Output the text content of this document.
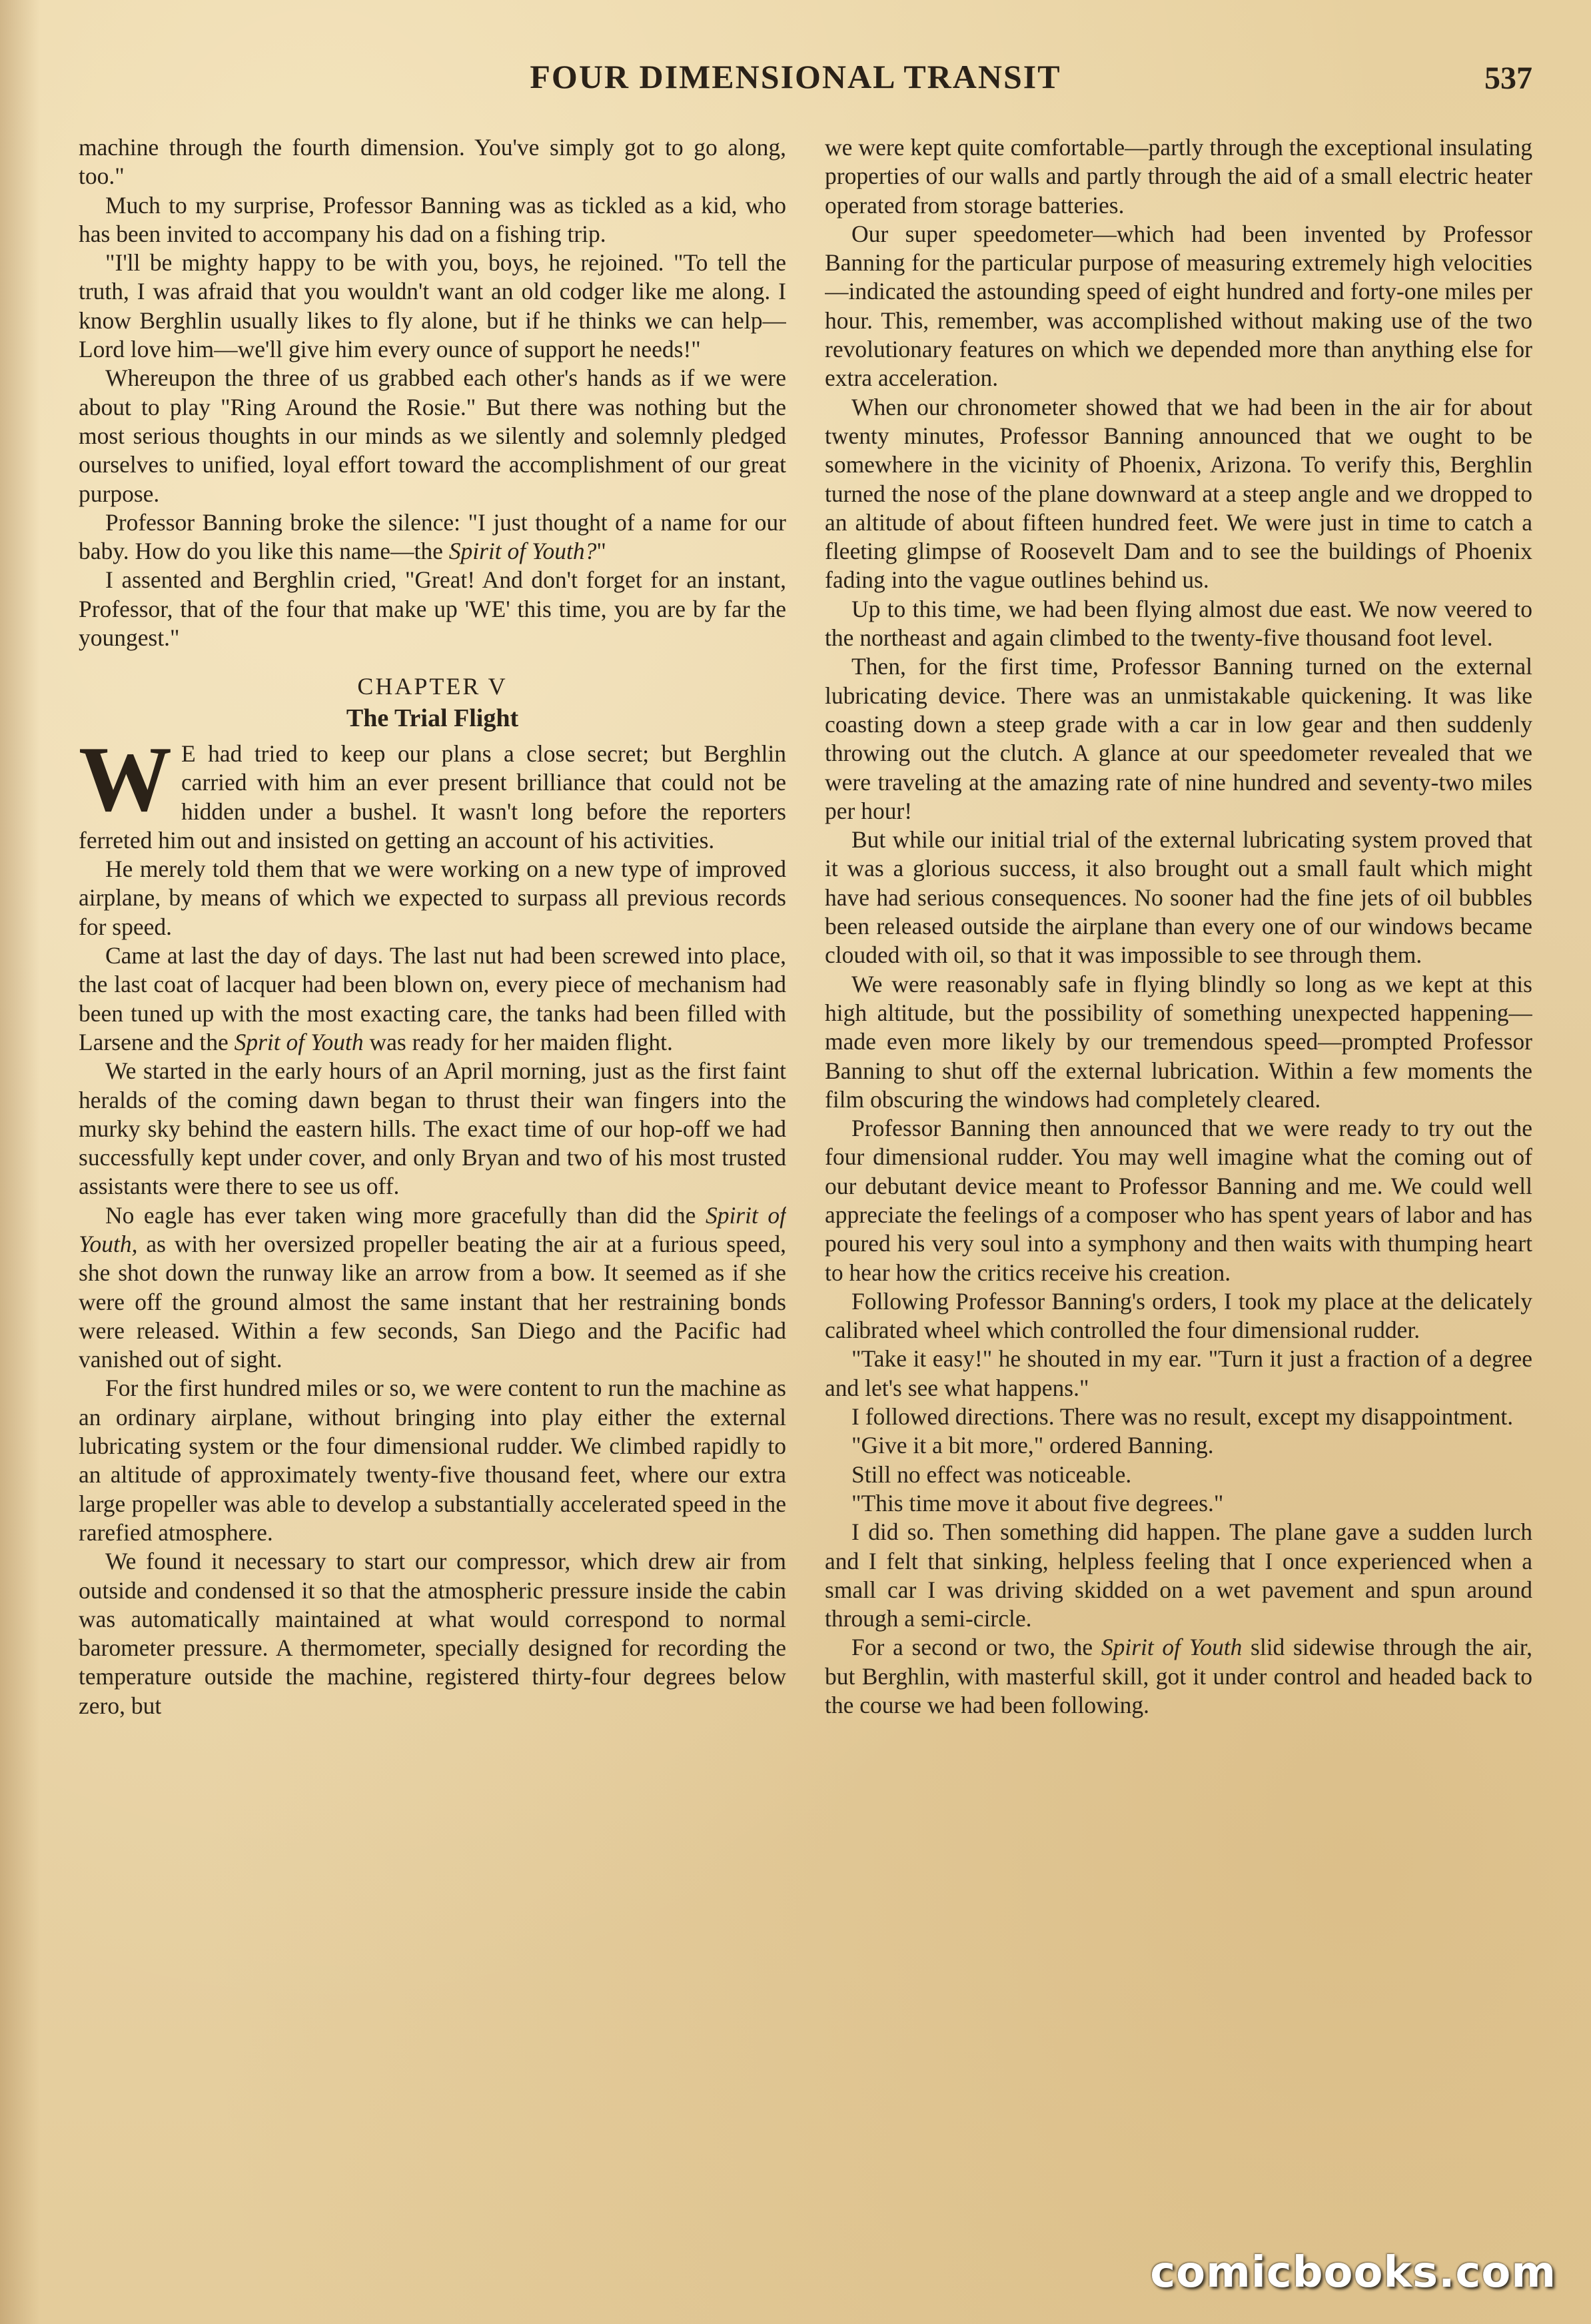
FOUR DIMENSIONAL TRANSIT	537

machine through the fourth dimension. You've simply got to go along, too."

Much to my surprise, Professor Banning was as tickled as a kid, who has been invited to accompany his dad on a fishing trip.

"I'll be mighty happy to be with you, boys, he rejoined. "To tell the truth, I was afraid that you wouldn't want an old codger like me along. I know Berghlin usually likes to fly alone, but if he thinks we can help—Lord love him—we'll give him every ounce of support he needs!"

Whereupon the three of us grabbed each other's hands as if we were about to play "Ring Around the Rosie." But there was nothing but the most serious thoughts in our minds as we silently and solemnly pledged ourselves to unified, loyal effort toward the accomplishment of our great purpose.

Professor Banning broke the silence: "I just thought of a name for our baby. How do you like this name—the Spirit of Youth?"

I assented and Berghlin cried, "Great! And don't forget for an instant, Professor, that of the four that make up 'WE' this time, you are by far the youngest."

CHAPTER V
The Trial Flight

W E had tried to keep our plans a close secret; but Berghlin carried with him an ever present brilliance that could not be hidden under a bushel. It wasn't long before the reporters ferreted him out and insisted on getting an account of his activities.

He merely told them that we were working on a new type of improved airplane, by means of which we expected to surpass all previous records for speed.

Came at last the day of days. The last nut had been screwed into place, the last coat of lacquer had been blown on, every piece of mechanism had been tuned up with the most exacting care, the tanks had been filled with Larsene and the Sprit of Youth was ready for her maiden flight.

We started in the early hours of an April morning, just as the first faint heralds of the coming dawn began to thrust their wan fingers into the murky sky behind the eastern hills. The exact time of our hop-off we had successfully kept under cover, and only Bryan and two of his most trusted assistants were there to see us off.

No eagle has ever taken wing more gracefully than did the Spirit of Youth, as with her oversized propeller beating the air at a furious speed, she shot down the runway like an arrow from a bow. It seemed as if she were off the ground almost the same instant that her restraining bonds were released. Within a few seconds, San Diego and the Pacific had vanished out of sight.

For the first hundred miles or so, we were content to run the machine as an ordinary airplane, without bringing into play either the external lubricating system or the four dimensional rudder. We climbed rapidly to an altitude of approximately twenty-five thousand feet, where our extra large propeller was able to develop a substantially accelerated speed in the rarefied atmosphere.

We found it necessary to start our compressor, which drew air from outside and condensed it so that the atmospheric pressure inside the cabin was automatically maintained at what would correspond to normal barometer pressure. A thermometer, specially designed for recording the temperature outside the machine, registered thirty-four degrees below zero, but

we were kept quite comfortable—partly through the exceptional insulating properties of our walls and partly through the aid of a small electric heater operated from storage batteries.

Our super speedometer—which had been invented by Professor Banning for the particular purpose of measuring extremely high velocities—indicated the astounding speed of eight hundred and forty-one miles per hour. This, remember, was accomplished without making use of the two revolutionary features on which we depended more than anything else for extra acceleration.

When our chronometer showed that we had been in the air for about twenty minutes, Professor Banning announced that we ought to be somewhere in the vicinity of Phoenix, Arizona. To verify this, Berghlin turned the nose of the plane downward at a steep angle and we dropped to an altitude of about fifteen hundred feet. We were just in time to catch a fleeting glimpse of Roosevelt Dam and to see the buildings of Phoenix fading into the vague outlines behind us.

Up to this time, we had been flying almost due east. We now veered to the northeast and again climbed to the twenty-five thousand foot level.

Then, for the first time, Professor Banning turned on the external lubricating device. There was an unmistakable quickening. It was like coasting down a steep grade with a car in low gear and then suddenly throwing out the clutch. A glance at our speedometer revealed that we were traveling at the amazing rate of nine hundred and seventy-two miles per hour!

But while our initial trial of the external lubricating system proved that it was a glorious success, it also brought out a small fault which might have had serious consequences. No sooner had the fine jets of oil bubbles been released outside the airplane than every one of our windows became clouded with oil, so that it was impossible to see through them.

We were reasonably safe in flying blindly so long as we kept at this high altitude, but the possibility of something unexpected happening—made even more likely by our tremendous speed—prompted Professor Banning to shut off the external lubrication. Within a few moments the film obscuring the windows had completely cleared.

Professor Banning then announced that we were ready to try out the four dimensional rudder. You may well imagine what the coming out of our debutant device meant to Professor Banning and me. We could well appreciate the feelings of a composer who has spent years of labor and has poured his very soul into a symphony and then waits with thumping heart to hear how the critics receive his creation.

Following Professor Banning's orders, I took my place at the delicately calibrated wheel which controlled the four dimensional rudder.

"Take it easy!" he shouted in my ear. "Turn it just a fraction of a degree and let's see what happens."

I followed directions. There was no result, except my disappointment.

"Give it a bit more," ordered Banning.

Still no effect was noticeable.

"This time move it about five degrees."

I did so. Then something did happen. The plane gave a sudden lurch and I felt that sinking, helpless feeling that I once experienced when a small car I was driving skidded on a wet pavement and spun around through a semi-circle.

For a second or two, the Spirit of Youth slid sidewise through the air, but Berghlin, with masterful skill, got it under control and headed back to the course we had been following.

comicbooks.com
